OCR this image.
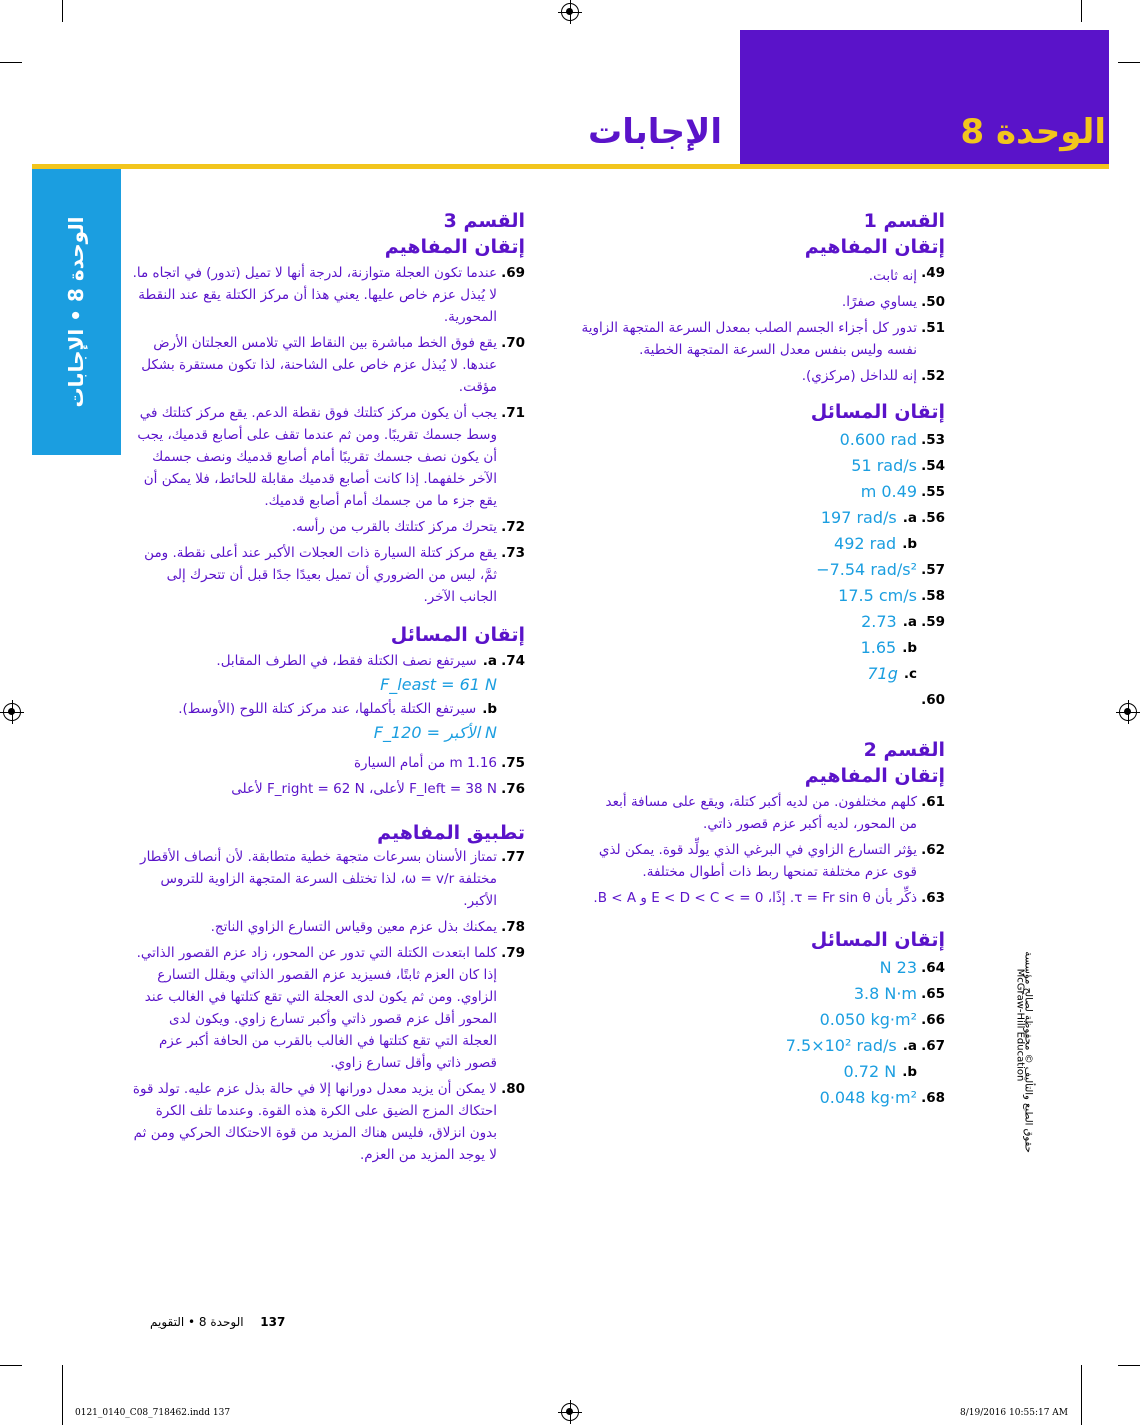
الوحدة 8
الإجابات
الوحدة 8 • الإجابات	القسم 1
إتقان المفاهيم
.49
إنه ثابت.
.50
يساوي صفرًا.
.51
تدور كل أجزاء الجسم الصلب بمعدل السرعة المتجهة الزاوية نفسه وليس بنفس معدل السرعة المتجهة الخطية.
.52
إنه للداخل (مركزي).
إتقان المسائل
.53
0.600 rad
.54
51 rad/s
.55
m 0.49
.56
a.
197 rad/s
b.
492 rad
.57
−7.54 rad/s²
.58
17.5 cm/s
.59
a.
2.73
b.
1.65
c.
71g
.60
القسم 2
إتقان المفاهيم
.61
كلهم مختلفون. من لديه أكبر كتلة، ويقع على مسافة أبعد من المحور، لديه أكبر عزم قصور ذاتي.
.62
يؤثر التسارع الزاوي في البرغي الذي يولِّد قوة. يمكن لذي قوى عزم مختلفة تمنحها ربط ذات أطوال مختلفة.
.63
ذكِّر بأن τ = Fr sin θ. إذًا، E < D < C < = 0 و B < A.
إتقان المسائل
.64
N 23
.65
3.8 N·m
.66
0.050 kg·m²
.67
a.
7.5×10² rad/s
b.
0.72 N
.68
0.048 kg·m²
القسم 3
إتقان المفاهيم
.69
عندما تكون العجلة متوازنة، لدرجة أنها لا تميل (تدور) في اتجاه ما. لا يُبذل عزم خاص عليها. يعني هذا أن مركز الكتلة يقع عند النقطة المحورية.
.70
يقع فوق الخط مباشرة بين النقاط التي تلامس العجلتان الأرض عندها. لا يُبذل عزم خاص على الشاحنة، لذا تكون مستقرة بشكل مؤقت.
.71
يجب أن يكون مركز كتلتك فوق نقطة الدعم. يقع مركز كتلتك في وسط جسمك تقريبًا. ومن ثم عندما تقف على أصابع قدميك، يجب أن يكون نصف جسمك تقريبًا أمام أصابع قدميك ونصف جسمك الآخر خلفهما. إذا كانت أصابع قدميك مقابلة للحائط، فلا يمكن أن يقع جزء ما من جسمك أمام أصابع قدميك.
.72
يتحرك مركز كتلتك بالقرب من رأسه.
.73
يقع مركز كتلة السيارة ذات العجلات الأكبر عند أعلى نقطة. ومن ثمَّ، ليس من الضروري أن تميل بعيدًا جدًا قبل أن تتحرك إلى الجانب الآخر.
إتقان المسائل
.74
a.
سيرتفع نصف الكتلة فقط، في الطرف المقابل.
F_least = 61 N
b.
سيرتفع الكتلة بأكملها، عند مركز كتلة اللوح (الأوسط).
F_الأكبر = 120 N
.75
1.16 m من أمام السيارة
.76
F_left = 38 N لأعلى، F_right = 62 N لأعلى
تطبيق المفاهيم
.77
تمتاز الأسنان بسرعات متجهة خطية متطابقة. لأن أنصاف الأقطار مختلفة ω = v/r، لذا تختلف السرعة المتجهة الزاوية للتروس الأكبر.
.78
يمكنك بذل عزم معين وقياس التسارع الزاوي الناتج.
.79
كلما ابتعدت الكتلة التي تدور عن المحور، زاد عزم القصور الذاتي. إذا كان العزم ثابتًا، فسيزيد عزم القصور الذاتي ويقلل التسارع الزاوي. ومن ثم يكون لدى العجلة التي تقع كتلتها في الغالب عند المحور أقل عزم قصور ذاتي وأكبر تسارع زاوي. ويكون لدى العجلة التي تقع كتلتها في الغالب بالقرب من الحافة أكبر عزم قصور ذاتي وأقل تسارع زاوي.
.80
لا يمكن أن يزيد معدل دورانها إلا في حالة بذل عزم عليه. تولد قوة احتكاك المزج الضيق على الكرة هذه القوة. وعندما تلف الكرة بدون انزلاق، فليس هناك المزيد من قوة الاحتكاك الحركي ومن ثم لا يوجد المزيد من العزم.
137    الوحدة 8 • التقويم
حقوق الطبع والتأليف © محفوظة لصالح مؤسسة
McGraw-Hill Education
0121_0140_C08_718462.indd 137	8/19/2016 10:55:17 AM
